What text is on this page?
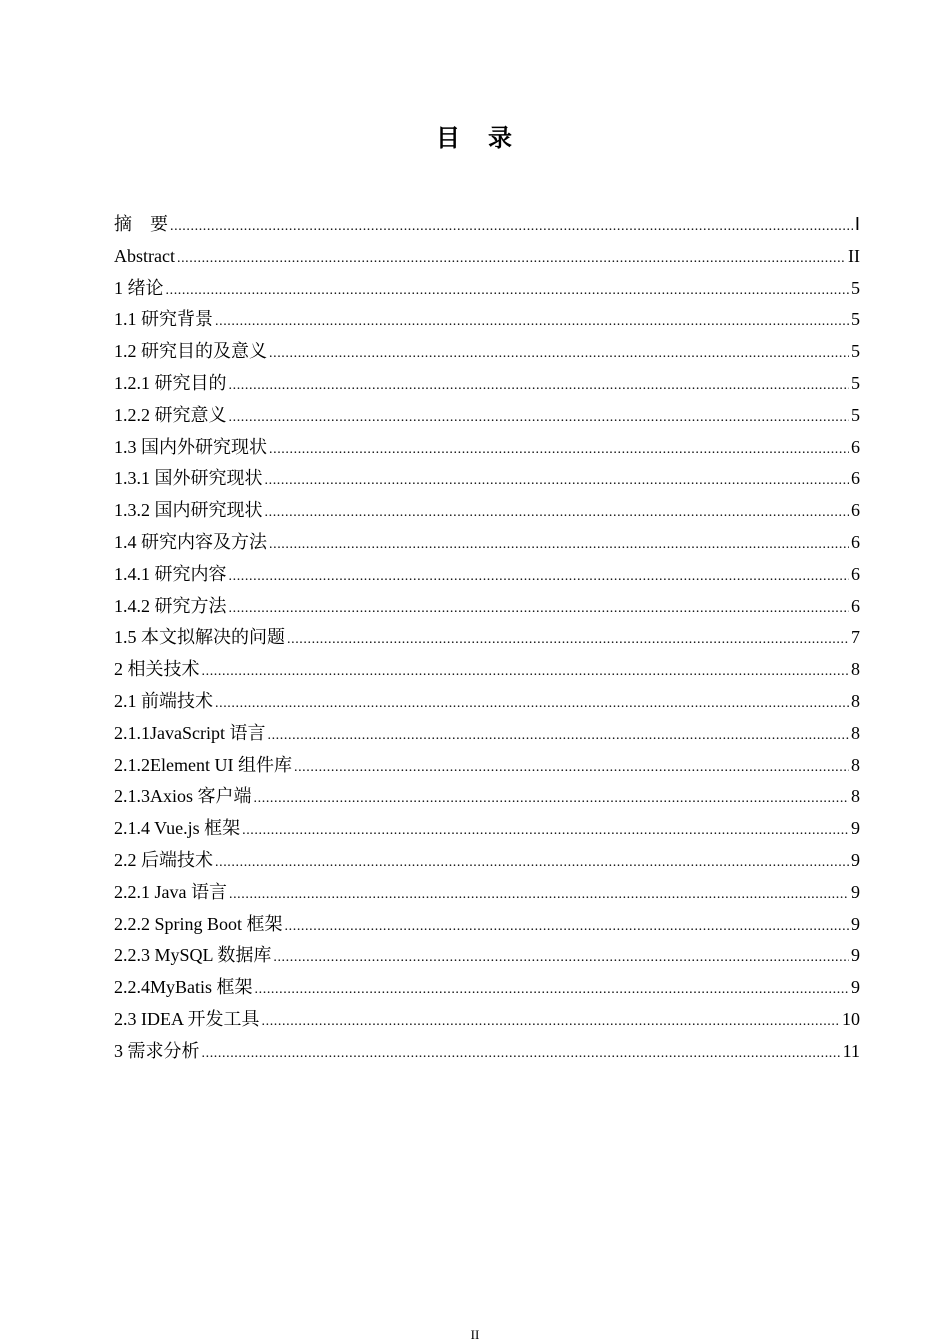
目　录
摘　要 .....	I
Abstract .....	II
1 绪论 .....	5
1.1 研究背景 .....	5
1.2 研究目的及意义 .....	5
1.2.1 研究目的 .....	5
1.2.2 研究意义 .....	5
1.3 国内外研究现状 .....	6
1.3.1 国外研究现状 .....	6
1.3.2 国内研究现状 .....	6
1.4 研究内容及方法 .....	6
1.4.1 研究内容 .....	6
1.4.2 研究方法 .....	6
1.5 本文拟解决的问题 .....	7
2 相关技术 .....	8
2.1 前端技术 .....	8
2.1.1JavaScript 语言 .....	8
2.1.2Element UI 组件库 .....	8
2.1.3Axios 客户端 .....	8
2.1.4 Vue.js 框架 .....	9
2.2 后端技术 .....	9
2.2.1 Java 语言 .....	9
2.2.2 Spring Boot 框架 .....	9
2.2.3 MySQL 数据库 .....	9
2.2.4MyBatis 框架 .....	9
2.3 IDEA 开发工具 .....	10
3 需求分析 .....	11
II
